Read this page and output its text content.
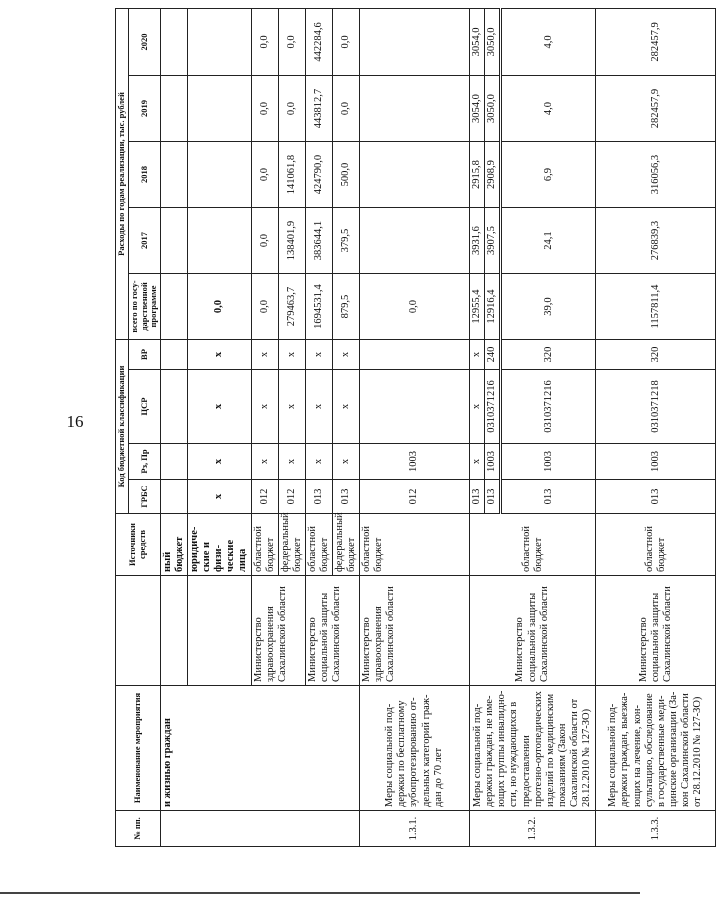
16
№ пп.	Наименование мероприятия		Источники средств	Код бюджетной классификации				Расходы по годам реализации, тыс. рублей				
				ГРБС	Рз, Пр	ЦСР	ВР	всего по государственной программе	2017	2018	2019	2020
	и жизнью граждан		ный бюджет									
			юридические и физические лица	х	х	х	х	0,0				
		Министерство здравоохранения Сахалинской области	областной бюджет	012	х	х	х	0,0	0,0	0,0	0,0	0,0
			федеральный бюджет	012	х	х	х	279463,7	138401,9	141061,8	0,0	0,0
		Министерство социальной защиты Сахалинской области	областной бюджет	013	х	х	х	1694531,4	383644,1	424790,0	443812,7	442284,6
			федеральный бюджет	013	х	х	х	879,5	379,5	500,0	0,0	0,0
1.3.1.	Меры социальной поддержки по бесплатному зубопротезированию отдельных категорий граждан до 70 лет	Министерство здравоохранения Сахалинской области	областной бюджет	012	1003			0,0				
1.3.2.	Меры социальной поддержки граждан, не имеющих группы инвалидности, но нуждающихся в предоставлении протезно-ортопедических изделий по медицинским показаниям (Закон Сахалинской области от 28.12.2010 № 127-ЗО)	Министерство социальной защиты Сахалинской области	областной бюджет	013	х	х	х	12955,4	3931,6	2915,8	3054,0	3054,0
				013	1003	0310371216	240	12916,4	3907,5	2908,9	3050,0	3050,0
				013	1003	0310371216	320	39,0	24,1	6,9	4,0	4,0
1.3.3.	Меры социальной поддержки граждан, выезжающих на лечение, консультацию, обследование в государственные медицинские организации (Закон Сахалинской области от 28.12.2010 № 127-ЗО)	Министерство социальной защиты Сахалинской области	областной бюджет	013	1003	0310371218	320	1157811,4	276839,3	316056,3	282457,9	282457,9
